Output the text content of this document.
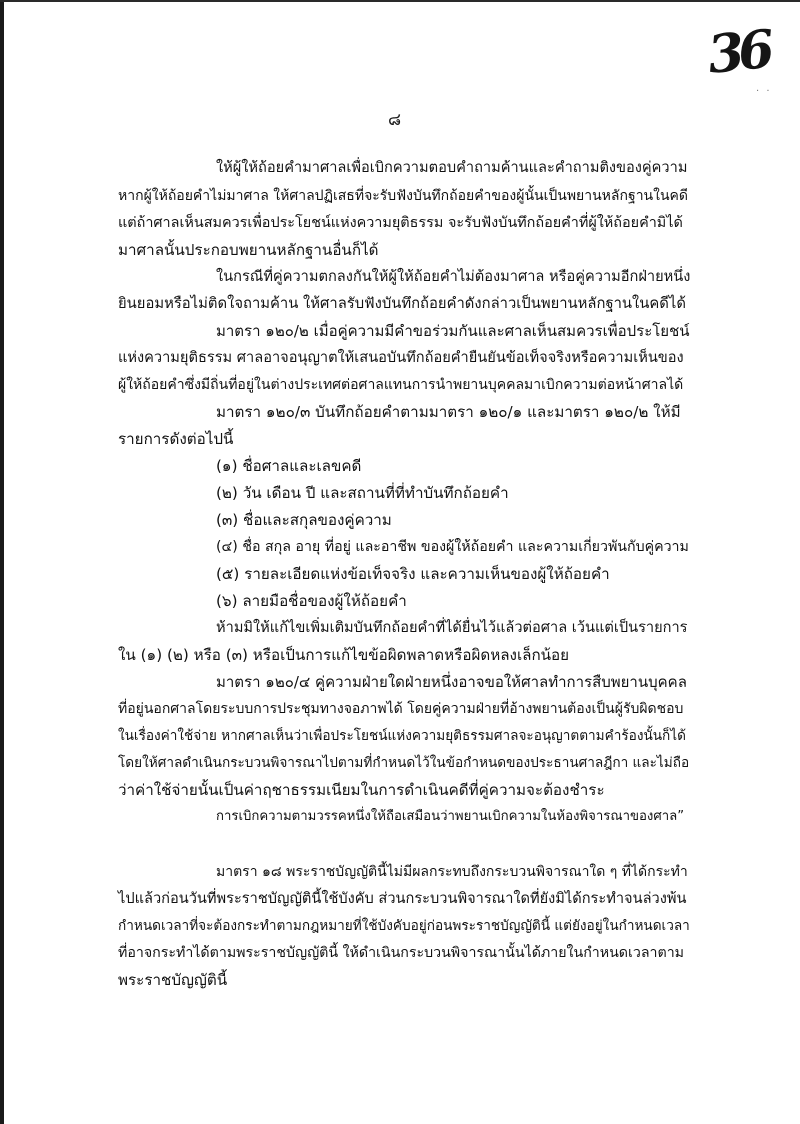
36
· ·
๘
ให้ผู้ให้ถ้อยคำมาศาลเพื่อเบิกความตอบคำถามค้านและคำถามติงของคู่ความ
หากผู้ให้ถ้อยคำไม่มาศาล ให้ศาลปฏิเสธที่จะรับฟังบันทึกถ้อยคำของผู้นั้นเป็นพยานหลักฐานในคดี
แต่ถ้าศาลเห็นสมควรเพื่อประโยชน์แห่งความยุติธรรม จะรับฟังบันทึกถ้อยคำที่ผู้ให้ถ้อยคำมิได้
มาศาลนั้นประกอบพยานหลักฐานอื่นก็ได้
ในกรณีที่คู่ความตกลงกันให้ผู้ให้ถ้อยคำไม่ต้องมาศาล หรือคู่ความอีกฝ่ายหนึ่ง
ยินยอมหรือไม่ติดใจถามค้าน ให้ศาลรับฟังบันทึกถ้อยคำดังกล่าวเป็นพยานหลักฐานในคดีได้
มาตรา ๑๒๐/๒ เมื่อคู่ความมีคำขอร่วมกันและศาลเห็นสมควรเพื่อประโยชน์
แห่งความยุติธรรม ศาลอาจอนุญาตให้เสนอบันทึกถ้อยคำยืนยันข้อเท็จจริงหรือความเห็นของ
ผู้ให้ถ้อยคำซึ่งมีถิ่นที่อยู่ในต่างประเทศต่อศาลแทนการนำพยานบุคคลมาเบิกความต่อหน้าศาลได้
มาตรา ๑๒๐/๓ บันทึกถ้อยคำตามมาตรา ๑๒๐/๑ และมาตรา ๑๒๐/๒ ให้มี
รายการดังต่อไปนี้
(๑) ชื่อศาลและเลขคดี
(๒) วัน เดือน ปี และสถานที่ที่ทำบันทึกถ้อยคำ
(๓) ชื่อและสกุลของคู่ความ
(๔) ชื่อ สกุล อายุ ที่อยู่ และอาชีพ ของผู้ให้ถ้อยคำ และความเกี่ยวพันกับคู่ความ
(๕) รายละเอียดแห่งข้อเท็จจริง และความเห็นของผู้ให้ถ้อยคำ
(๖) ลายมือชื่อของผู้ให้ถ้อยคำ
ห้ามมิให้แก้ไขเพิ่มเติมบันทึกถ้อยคำที่ได้ยื่นไว้แล้วต่อศาล เว้นแต่เป็นรายการ
ใน (๑) (๒) หรือ (๓) หรือเป็นการแก้ไขข้อผิดพลาดหรือผิดหลงเล็กน้อย
มาตรา ๑๒๐/๔ คู่ความฝ่ายใดฝ่ายหนึ่งอาจขอให้ศาลทำการสืบพยานบุคคล
ที่อยู่นอกศาลโดยระบบการประชุมทางจอภาพได้ โดยคู่ความฝ่ายที่อ้างพยานต้องเป็นผู้รับผิดชอบ
ในเรื่องค่าใช้จ่าย หากศาลเห็นว่าเพื่อประโยชน์แห่งความยุติธรรมศาลจะอนุญาตตามคำร้องนั้นก็ได้
โดยให้ศาลดำเนินกระบวนพิจารณาไปตามที่กำหนดไว้ในข้อกำหนดของประธานศาลฎีกา และไม่ถือ
ว่าค่าใช้จ่ายนั้นเป็นค่าฤชาธรรมเนียมในการดำเนินคดีที่คู่ความจะต้องชำระ
การเบิกความตามวรรคหนึ่งให้ถือเสมือนว่าพยานเบิกความในห้องพิจารณาของศาล”
มาตรา ๑๘ พระราชบัญญัตินี้ไม่มีผลกระทบถึงกระบวนพิจารณาใด ๆ ที่ได้กระทำ
ไปแล้วก่อนวันที่พระราชบัญญัตินี้ใช้บังคับ ส่วนกระบวนพิจารณาใดที่ยังมิได้กระทำจนล่วงพ้น
กำหนดเวลาที่จะต้องกระทำตามกฎหมายที่ใช้บังคับอยู่ก่อนพระราชบัญญัตินี้ แต่ยังอยู่ในกำหนดเวลา
ที่อาจกระทำได้ตามพระราชบัญญัตินี้ ให้ดำเนินกระบวนพิจารณานั้นได้ภายในกำหนดเวลาตาม
พระราชบัญญัตินี้
